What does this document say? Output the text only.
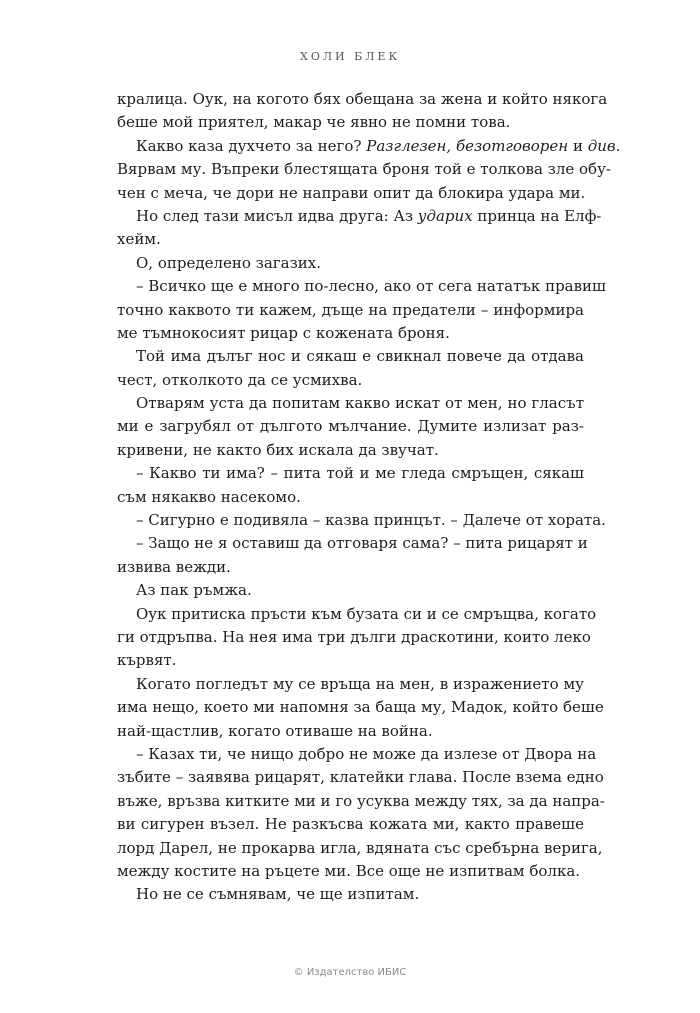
ХОЛИ БЛЕК
кралица. Оук, на когото бях обещана за жена и който някога
беше мой приятел, макар че явно не помни това.
Какво каза духчето за него? Разглезен, безотговорен и див.
Вярвам му. Въпреки блестящата броня той е толкова зле обу-
чен с меча, че дори не направи опит да блокира удара ми.
Но след тази мисъл идва друга: Аз ударих принца на Елф-
хейм.
О, определено загазих.
– Всичко ще е много по-лесно, ако от сега нататък правиш
точно каквото ти кажем, дъще на предатели – информира
ме тъмнокосият рицар с кожената броня.
Той има дълъг нос и сякаш е свикнал повече да отдава
чест, отколкото да се усмихва.
Отварям уста да попитам какво искат от мен, но гласът
ми е загрубял от дългото мълчание. Думите излизат раз-
кривени, не както бих искала да звучат.
– Какво ти има? – пита той и ме гледа смръщен, сякаш
съм някакво насекомо.
– Сигурно е подивяла – казва принцът. – Далече от хората.
– Защо не я оставиш да отговаря сама? – пита рицарят и
извива вежди.
Аз пак ръмжа.
Оук притиска пръсти към бузата си и се смръщва, когато
ги отдръпва. На нея има три дълги драскотини, които леко
кървят.
Когато погледът му се връща на мен, в изражението му
има нещо, което ми напомня за баща му, Мадок, който беше
най-щастлив, когато отиваше на война.
– Казах ти, че нищо добро не може да излезе от Двора на
зъбите – заявява рицарят, клатейки глава. После взема едно
въже, връзва китките ми и го усуква между тях, за да напра-
ви сигурен възел. Не разкъсва кожата ми, както правеше
лорд Дарел, не прокарва игла, вдяната със сребърна верига,
между костите на ръцете ми. Все още не изпитвам болка.
Но не се съмнявам, че ще изпитам.
© Издателство ИБИС
